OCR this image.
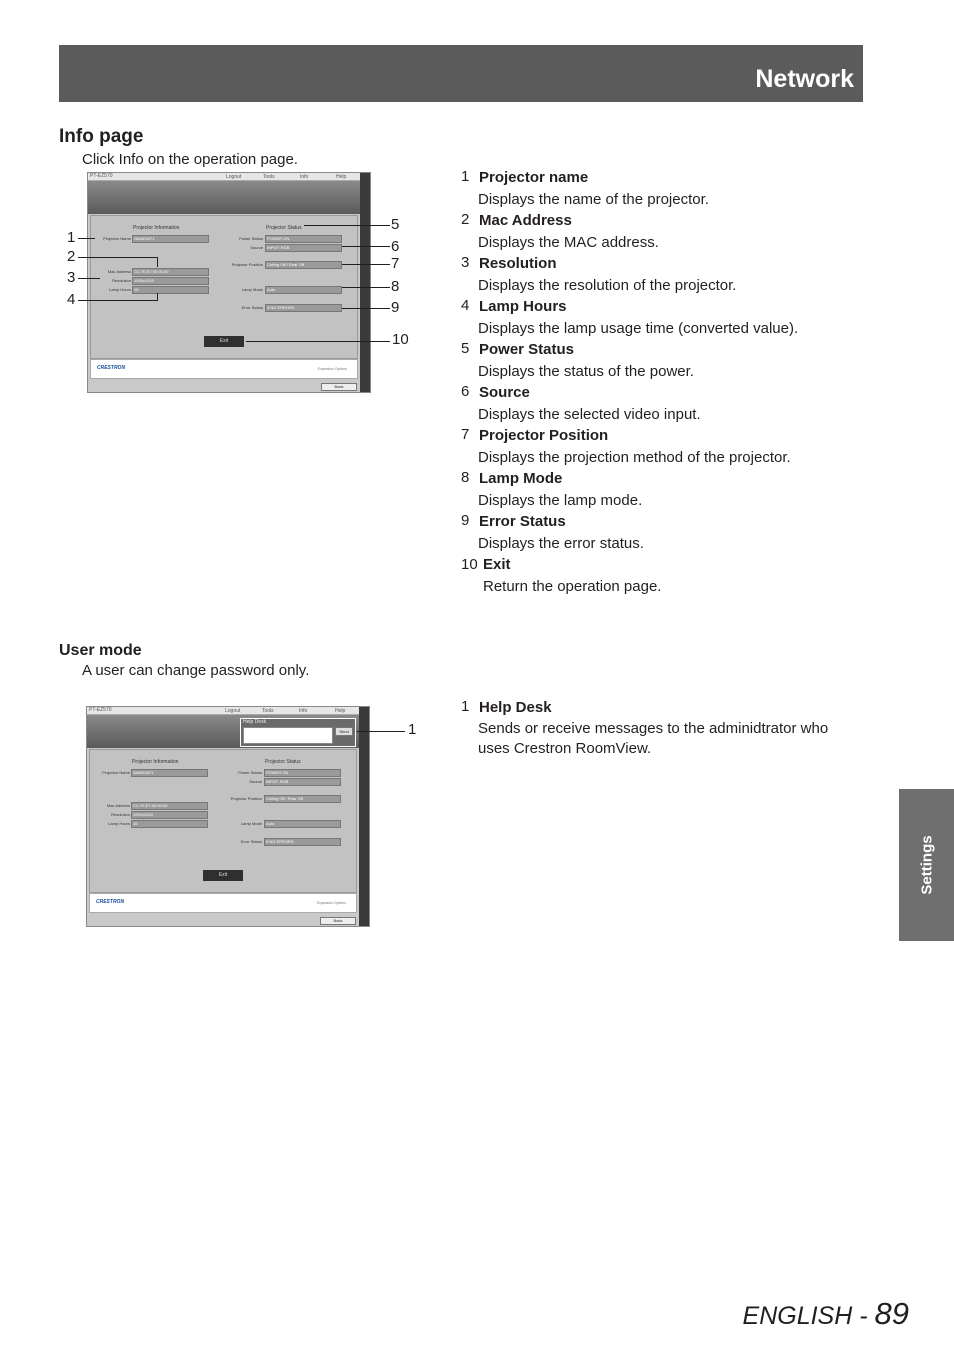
Network
Info page
Click Info on the operation page.
PT-EZ570	Logout	Tools	Info	Help
Projector Information	Projector Status
Projector Name NAME4971
Mac Address CC:7E:E7:00:00:00
Resolution 1920x1200
Lamp Hours 16
Power Status	POWER ON
Source	INPUT: RGB
Projector Position	Ceiling Off / Rear Off
Lamp Mode	Auto
Error Status	0:NO ERRORS
Exit
CRESTRON	Expansion Options
Back
1
2
3
4
5
6
7
8
9
10
1 Projector name
Displays the name of the projector.
2 Mac Address
Displays the MAC address.
3 Resolution
Displays the resolution of the projector.
4 Lamp Hours
Displays the lamp usage time (converted value).
5 Power Status
Displays the status of the power.
6 Source
Displays the selected video input.
7 Projector Position
Displays the projection method of the projector.
8 Lamp Mode
Displays the lamp mode.
9 Error Status
Displays the error status.
10 Exit
Return the operation page.
User mode
A user can change password only.
PT-EZ570	Logout	Tools	Info	Help
Help Desk
Send
Projector Information	Projector Status
Projector Name NAME4971
Mac Address CC:7E:E7:00:00:00
Resolution 1920x1200
Lamp Hours 16
Power Status	POWER ON
Source	INPUT: RGB
Projector Position	Ceiling Off / Rear Off
Lamp Mode	Auto
Error Status	0:NO ERRORS
Exit
CRESTRON	Expansion Options
Back
1
1 Help Desk
Sends or receive messages to the adminidtrator who
uses Crestron RoomView.
Settings
ENGLISH - 89
